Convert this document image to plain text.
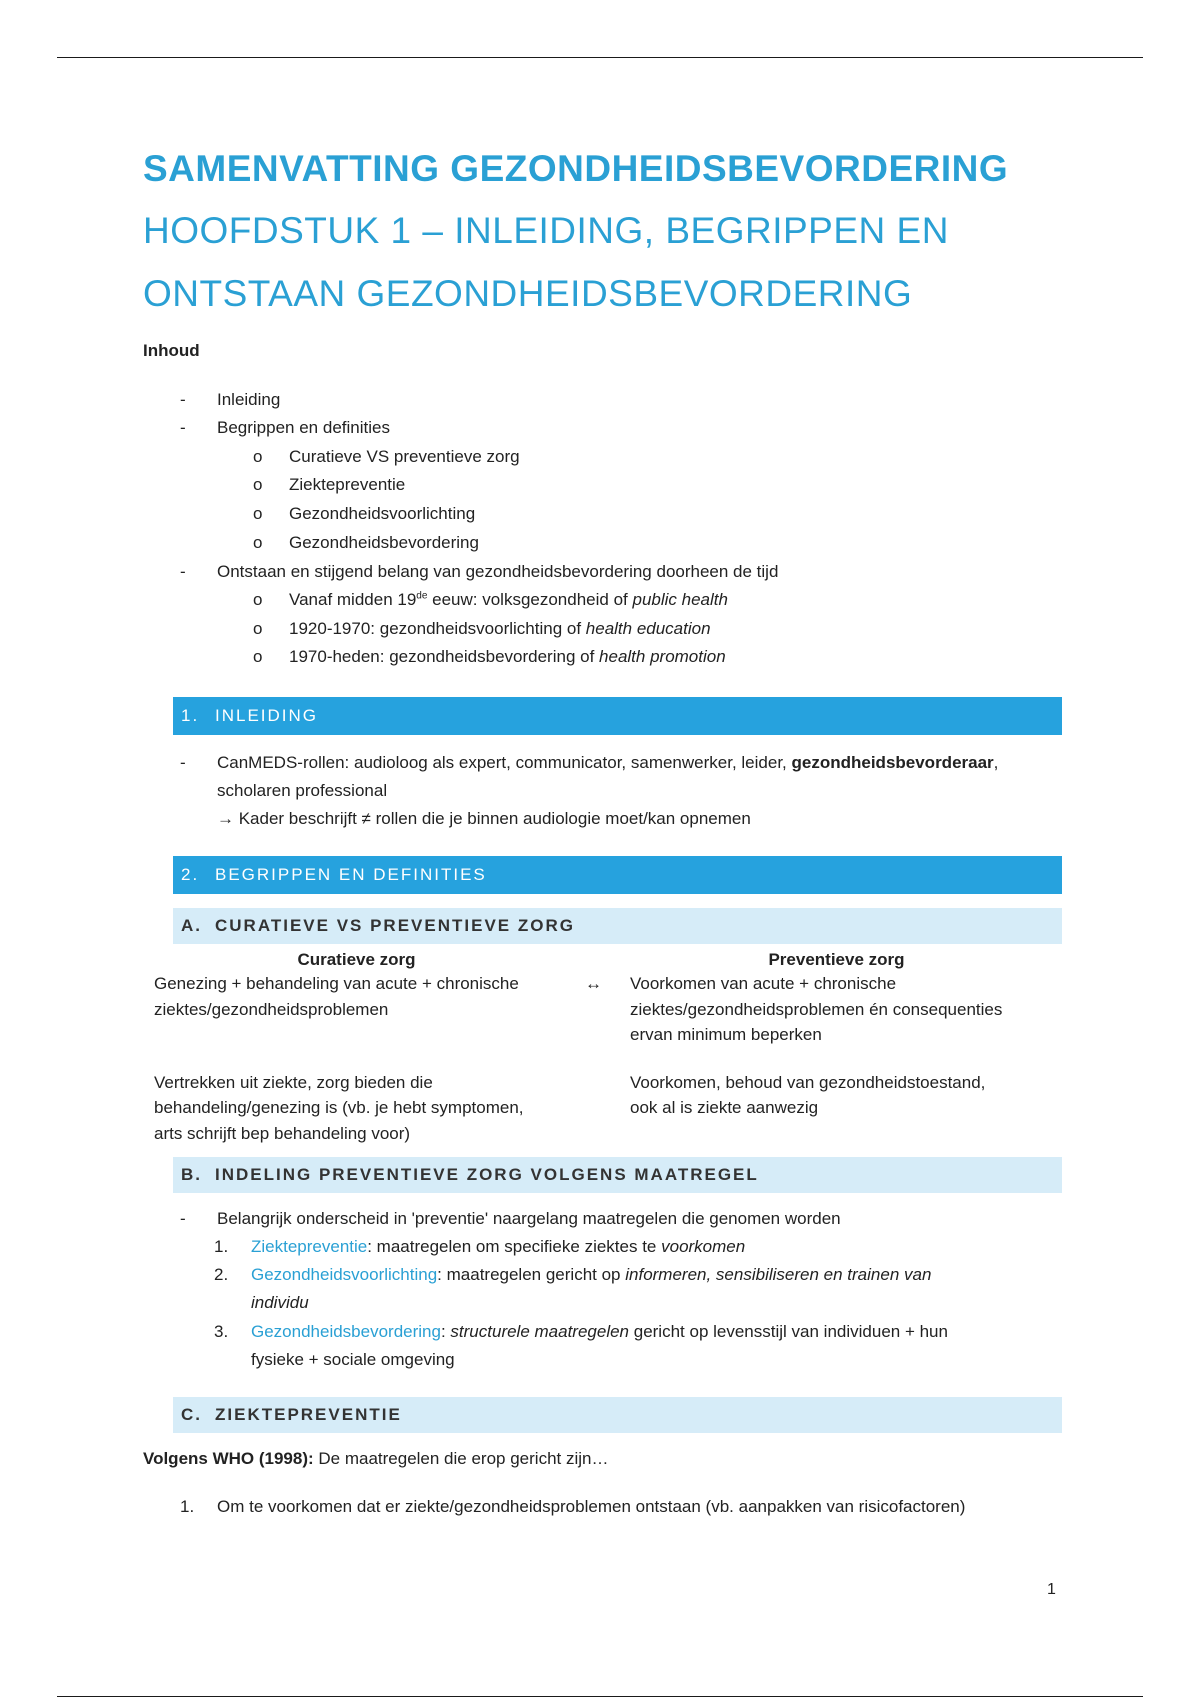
SAMENVATTING GEZONDHEIDSBEVORDERING
HOOFDSTUK 1 – INLEIDING, BEGRIPPEN EN
ONTSTAAN GEZONDHEIDSBEVORDERING
Inhoud
- Inleiding
- Begrippen en definities
o Curatieve VS preventieve zorg
o Ziektepreventie
o Gezondheidsvoorlichting
o Gezondheidsbevordering
- Ontstaan en stijgend belang van gezondheidsbevordering doorheen de tijd
o Vanaf midden 19de eeuw: volksgezondheid of public health
o 1920-1970: gezondheidsvoorlichting of health education
o 1970-heden: gezondheidsbevordering of health promotion
1. INLEIDING
- CanMEDS-rollen: audioloog als expert, communicator, samenwerker, leider, gezondheidsbevorderaar,
scholaren professional
→ Kader beschrijft ≠ rollen die je binnen audiologie moet/kan opnemen
2. BEGRIPPEN EN DEFINITIES
A. CURATIEVE VS PREVENTIEVE ZORG
Curatieve zorg	Preventieve zorg
Genezing + behandeling van acute + chronische
ziektes/gezondheidsproblemen
↔ Voorkomen van acute + chronische
ziektes/gezondheidsproblemen én consequenties
ervan minimum beperken
Vertrekken uit ziekte, zorg bieden die
behandeling/genezing is (vb. je hebt symptomen,
arts schrijft bep behandeling voor)
Voorkomen, behoud van gezondheidstoestand,
ook al is ziekte aanwezig
B. INDELING PREVENTIEVE ZORG VOLGENS MAATREGEL
- Belangrijk onderscheid in 'preventie' naargelang maatregelen die genomen worden
1. Ziektepreventie: maatregelen om specifieke ziektes te voorkomen
2. Gezondheidsvoorlichting: maatregelen gericht op informeren, sensibiliseren en trainen van
individu
3. Gezondheidsbevordering: structurele maatregelen gericht op levensstijl van individuen + hun
fysieke + sociale omgeving
C. ZIEKTEPREVENTIE
Volgens WHO (1998): De maatregelen die erop gericht zijn…
1. Om te voorkomen dat er ziekte/gezondheidsproblemen ontstaan (vb. aanpakken van risicofactoren)
1
